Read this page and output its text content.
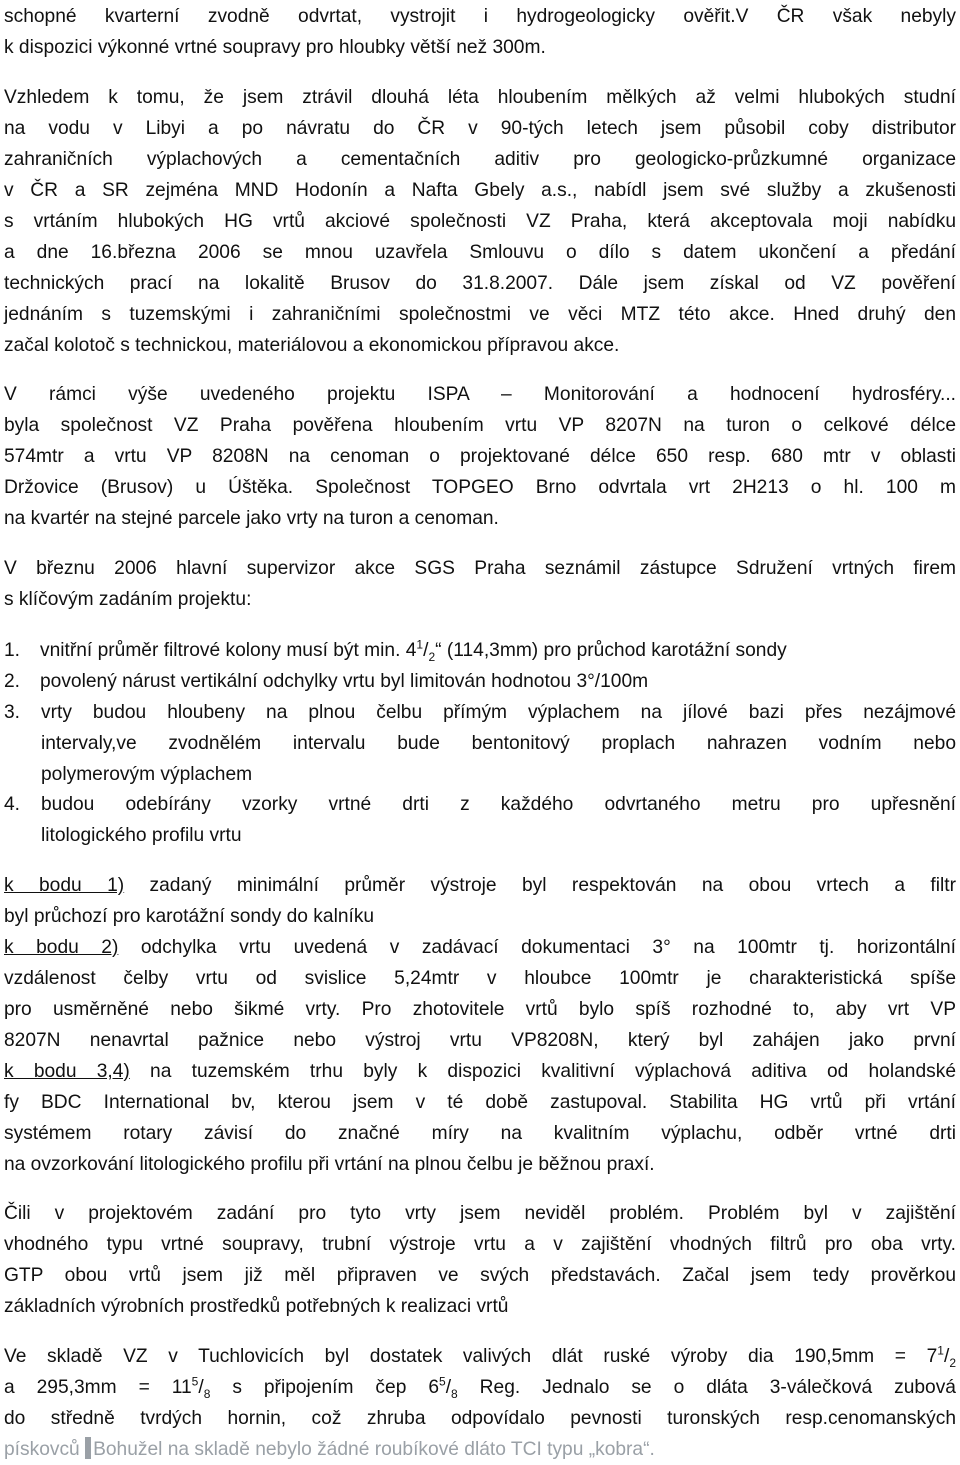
schopné kvarterní zvodně odvrtat, vystrojit i hydrogeologicky ověřit.V ČR však nebyly
k dispozici výkonné vrtné soupravy pro hloubky větší než 300m.
Vzhledem k tomu, že jsem ztrávil dlouhá léta hloubením mělkých až velmi hlubokých studní
na vodu v Libyi a po návratu do ČR v 90-tých letech jsem působil coby distributor
zahraničních výplachových a cementačních aditiv pro geologicko-průzkumné organizace
v ČR a SR zejména MND Hodonín a Nafta Gbely a.s., nabídl jsem své služby a zkušenosti
s vrtáním hlubokých HG vrtů akciové společnosti VZ Praha, která akceptovala moji nabídku
a dne 16.března 2006 se mnou uzavřela Smlouvu o dílo s datem ukončení a předání
technických prací na lokalitě Brusov do 31.8.2007. Dále jsem získal od VZ pověření
jednáním s tuzemskými i zahraničními společnostmi ve věci MTZ této akce. Hned druhý den
začal kolotoč s technickou, materiálovou a ekonomickou přípravou akce.
V rámci výše uvedeného projektu ISPA – Monitorování a hodnocení hydrosféry...
byla společnost VZ Praha pověřena hloubením vrtu VP 8207N na turon o celkové délce
574mtr a vrtu VP 8208N na cenoman o projektované délce 650 resp. 680 mtr v oblasti
Držovice (Brusov) u Úštěka. Společnost TOPGEO Brno odvrtala vrt 2H213 o hl. 100 m
na kvartér na stejné parcele jako vrty na turon a cenoman.
V březnu 2006 hlavní supervizor akce SGS Praha seznámil zástupce Sdružení vrtných firem
s klíčovým zadáním projektu:
1. vnitřní průměr filtrové kolony musí být min. $4^1/_2“$ (114,3mm) pro průchod karotážní sondy
2. povolený nárust vertikální odchylky vrtu byl limitován hodnotou 3°/100m
3.	vrty budou hloubeny na plnou čelbu přímým výplachem na jílové bazi přes nezájmové
intervaly,ve zvodnělém intervalu bude bentonitový proplach nahrazen vodním nebo
polymerovým výplachem
4.	budou odebírány vzorky vrtné drti z každého odvrtaného metru pro upřesnění
litologického profilu vrtu
k bodu 1) zadaný minimální průměr výstroje byl respektován na obou vrtech a filtr
byl průchozí pro karotážní sondy do kalníku
k bodu 2) odchylka vrtu uvedená v zadávací dokumentaci 3° na 100mtr tj. horizontální
vzdálenost čelby vrtu od svislice 5,24mtr v hloubce 100mtr je charakteristická spíše
pro usměrněné nebo šikmé vrty. Pro zhotovitele vrtů bylo spíš rozhodné to, aby vrt VP
8207N nenavrtal pažnice nebo výstroj vrtu VP8208N, který byl zahájen jako první
k bodu 3,4) na tuzemském trhu byly k dispozici kvalitivní výplachová aditiva od holandské
fy BDC International bv, kterou jsem v té době zastupoval. Stabilita HG vrtů při vrtání
systémem rotary závisí do značné míry na kvalitním výplachu, odběr vrtné drti
na ovzorkování litologického profilu při vrtání na plnou čelbu je běžnou praxí.
Čili v projektovém zadání pro tyto vrty jsem neviděl problém. Problém byl v zajištění
vhodného typu vrtné soupravy, trubní výstroje vrtu a v zajištění vhodných filtrů pro oba vrty.
GTP obou vrtů jsem již měl připraven ve svých představách. Začal jsem tedy prověrkou
základních výrobních prostředků potřebných k realizaci vrtů
Ve skladě VZ v Tuchlovicích byl dostatek valivých dlát ruské výroby dia $190,5mm = 7^1/_2$
a $295,3mm = 11^5/_8$ s připojením čep $6^5/_8$ Reg. Jednalo se o dláta 3-válečková zubová
do středně tvrdých hornin, což zhruba odpovídalo pevnosti turonských resp.cenomanských
pískovců Bohužel na skladě nebylo žádné roubíkové dláto TCI typu „kobra“.
